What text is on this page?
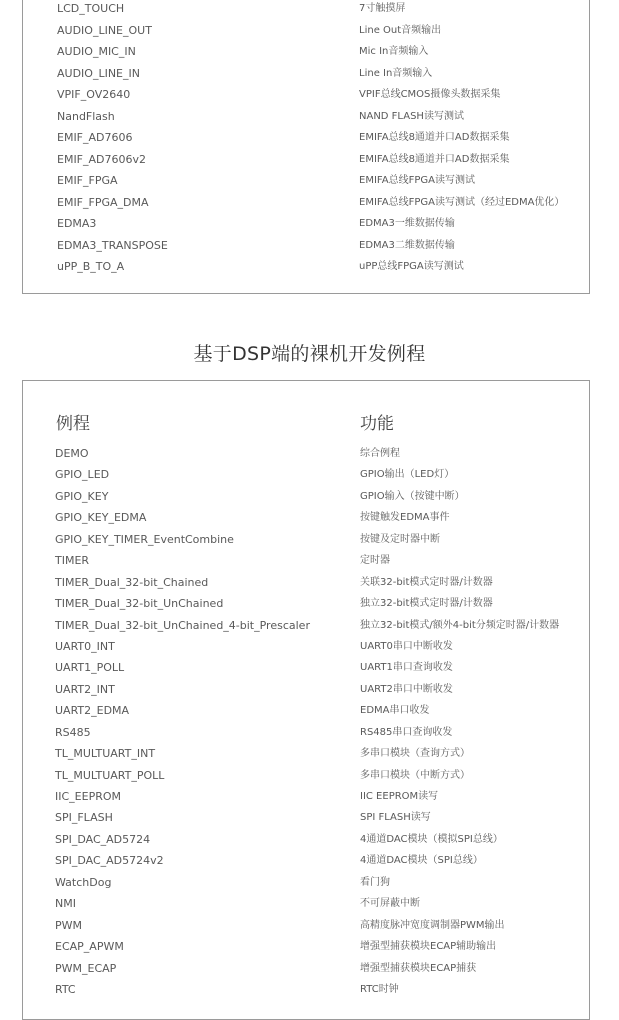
LCD_TOUCH	7寸触摸屏
AUDIO_LINE_OUT	Line Out音频输出
AUDIO_MIC_IN	Mic In音频输入
AUDIO_LINE_IN	Line In音频输入
VPIF_OV2640	VPIF总线CMOS摄像头数据采集
NandFlash	NAND FLASH读写测试
EMIF_AD7606	EMIFA总线8通道并口AD数据采集
EMIF_AD7606v2	EMIFA总线8通道并口AD数据采集
EMIF_FPGA	EMIFA总线FPGA读写测试
EMIF_FPGA_DMA	EMIFA总线FPGA读写测试（经过EDMA优化）
EDMA3	EDMA3一维数据传输
EDMA3_TRANSPOSE	EDMA3二维数据传输
uPP_B_TO_A	uPP总线FPGA读写测试
基于DSP端的裸机开发例程
例程	功能
DEMO	综合例程
GPIO_LED	GPIO输出（LED灯）
GPIO_KEY	GPIO输入（按键中断）
GPIO_KEY_EDMA	按键触发EDMA事件
GPIO_KEY_TIMER_EventCombine	按键及定时器中断
TIMER	定时器
TIMER_Dual_32-bit_Chained	关联32-bit模式定时器/计数器
TIMER_Dual_32-bit_UnChained	独立32-bit模式定时器/计数器
TIMER_Dual_32-bit_UnChained_4-bit_Prescaler	独立32-bit模式/额外4-bit分频定时器/计数器
UART0_INT	UART0串口中断收发
UART1_POLL	UART1串口查询收发
UART2_INT	UART2串口中断收发
UART2_EDMA	EDMA串口收发
RS485	RS485串口查询收发
TL_MULTUART_INT	多串口模块（查询方式）
TL_MULTUART_POLL	多串口模块（中断方式）
IIC_EEPROM	IIC EEPROM读写
SPI_FLASH	SPI FLASH读写
SPI_DAC_AD5724	4通道DAC模块（模拟SPI总线）
SPI_DAC_AD5724v2	4通道DAC模块（SPI总线）
WatchDog	看门狗
NMI	不可屏蔽中断
PWM	高精度脉冲宽度调制器PWM输出
ECAP_APWM	增强型捕获模块ECAP辅助输出
PWM_ECAP	增强型捕获模块ECAP捕获
RTC	RTC时钟
